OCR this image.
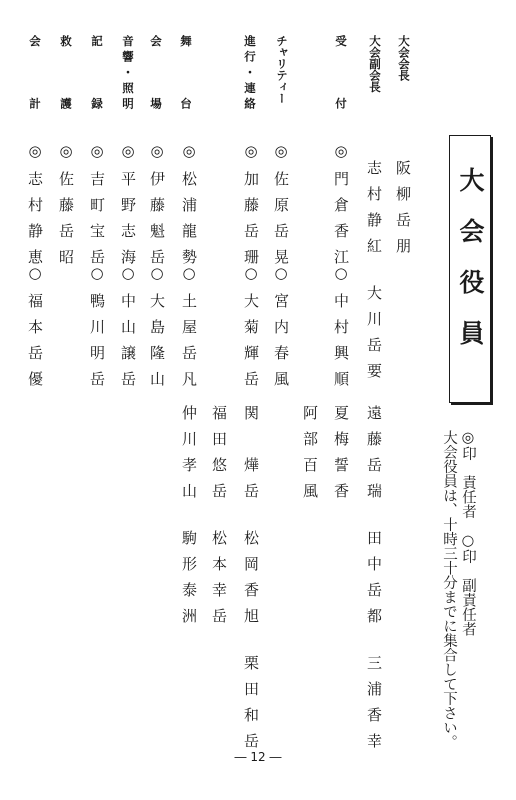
大会役員
◎印　責任者　○印　副責任者
大会役員は、十時三十分までに集合して下さい。
大会会長
大会副会長
受付
チャリティー
進行・連絡
舞台
会場
音響・照明
記録
救護
会計
阪柳岳朋
志村静紅
大川岳要
遠藤岳瑞
田中岳都
三浦香幸
夏梅誓香
◎門倉香江
○中村興順
阿部百風
◎佐原岳晃
○宮内春風
◎加藤岳珊
○大菊輝岳
関　燁岳
松岡香旭
栗田和岳
福田悠岳
松本幸岳
◎松浦龍勢
○土屋岳凡
仲川孝山
駒形泰洲
◎伊藤魁岳
○大島隆山
◎平野志海
○中山譲岳
◎吉町宝岳
○鴨川明岳
◎佐藤岳昭
◎志村静恵
○福本岳優
― 12 ―
